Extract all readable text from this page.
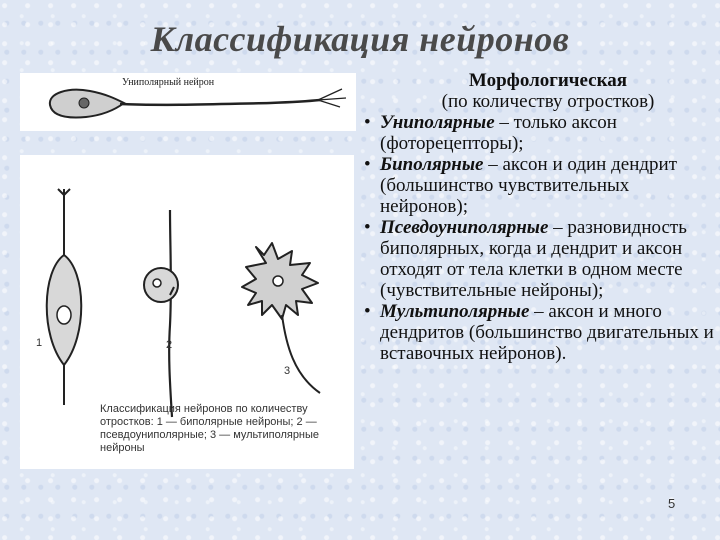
Классификация нейронов
Униполярный нейрон
1	2
3
Классификация нейронов по количеству отростков: 1 — биполярные нейроны; 2 — псевдоуниполярные; 3 — мультиполярные нейроны
Морфологическая
(по количеству отростков)
• Униполярные – только аксон (фоторецепторы);
• Биполярные – аксон и один дендрит (большинство чувствительных нейронов);
• Псевдоуниполярные – разновидность биполярных, когда и дендрит и аксон отходят от тела клетки в одном месте (чувствительные нейроны);
• Мультиполярные – аксон и много дендритов (большинство двигательных и вставочных нейронов).
5
